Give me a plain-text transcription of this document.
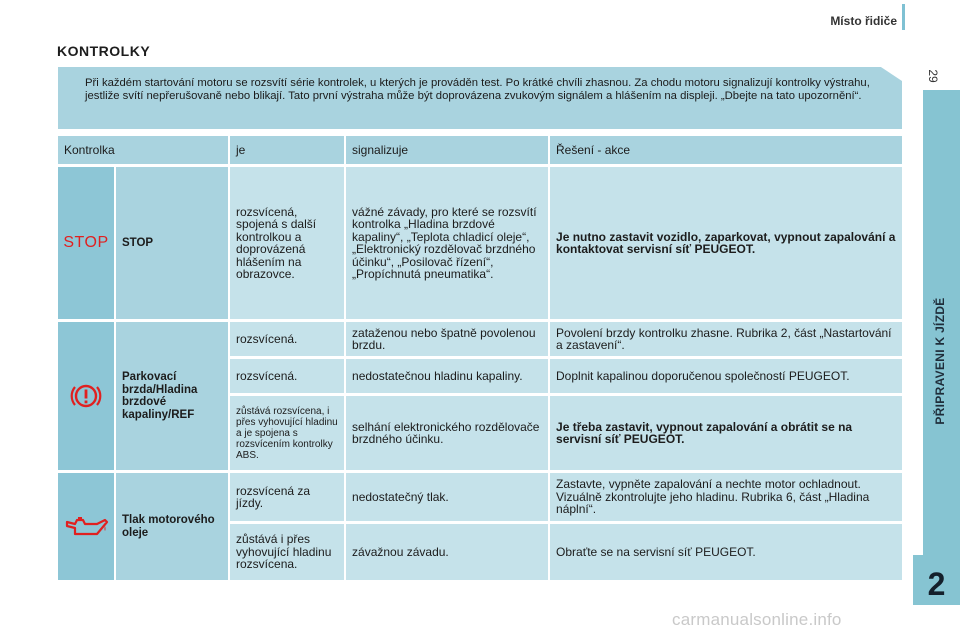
Místo řidiče
29
PŘIPRAVENI K JÍZDĚ
2
KONTROLKY
Při každém startování motoru se rozsvítí série kontrolek, u kterých je prováděn test. Po krátké chvíli zhasnou. Za chodu motoru signalizují kontrolky výstrahu, jestliže svítí nepřerušovaně nebo blikají. Tato první výstraha může být doprovázena zvukovým signálem a hlášením na displeji. „Dbejte na tato upozornění“.
Kontrolka		je	signalizuje	Řešení - akce
STOP	STOP	rozsvícená, spojená s další kontrolkou a doprovázená hlášením na obrazovce.	vážné závady, pro které se rozsvítí kontrolka „Hladina brzdové kapaliny“, „Teplota chladicí oleje“, „Elektronický rozdělovač brzdného účinku“, „Posilovač řízení“, „Propíchnutá pneumatika“.	Je nutno zastavit vozidlo, zaparkovat, vypnout zapalování a kontaktovat servisní síť PEUGEOT.
	Parkovací brzda/Hladina brzdové kapaliny/REF	rozsvícená.	zataženou nebo špatně povolenou brzdu.	Povolení brzdy kontrolku zhasne. Rubrika 2, část „Nastartování a zastavení“.
		rozsvícená.	nedostatečnou hladinu kapaliny.	Doplnit kapalinou doporučenou společností PEUGEOT.
		zůstává rozsvícena, i přes vyhovující hladinu a je spojena s rozsvícením kontrolky ABS.	selhání elektronického rozdělovače brzdného účinku.	Je třeba zastavit, vypnout zapalování a obrátit se na servisní síť PEUGEOT.
	Tlak motorového oleje	rozsvícená za jízdy.	nedostatečný tlak.	Zastavte, vypněte zapalování a nechte motor ochladnout. Vizuálně zkontrolujte jeho hladinu. Rubrika 6, část „Hladina náplní“.
		zůstává i přes vyhovující hladinu rozsvícena.	závažnou závadu.	Obraťte se na servisní síť PEUGEOT.
carmanualsonline.info
